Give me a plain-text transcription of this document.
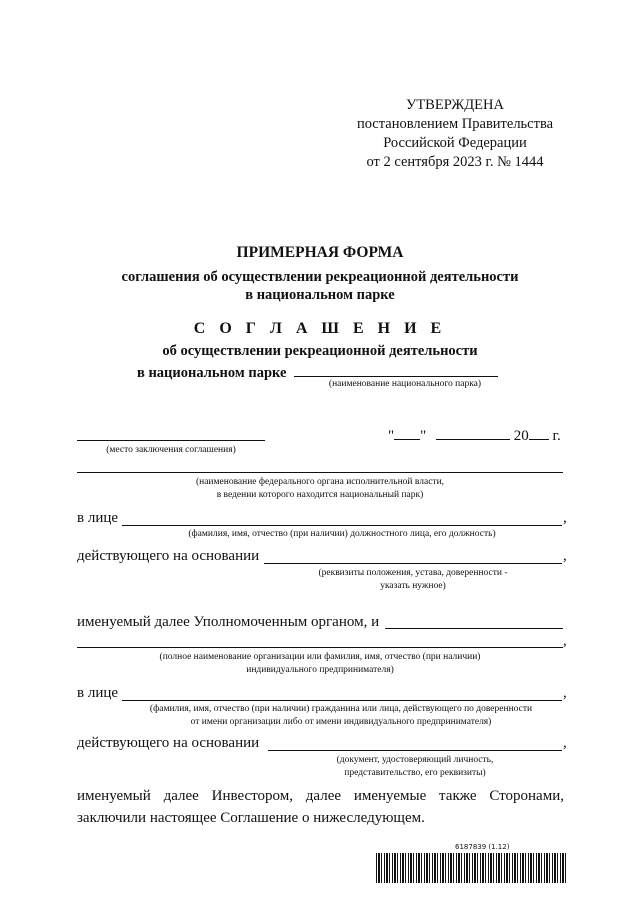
УТВЕРЖДЕНА
постановлением Правительства
Российской Федерации
от 2 сентября 2023 г. № 1444
ПРИМЕРНАЯ ФОРМА
соглашения об осуществлении рекреационной деятельности
в национальном парке
С О Г Л А Ш Е Н И Е
об осуществлении рекреационной деятельности
в национальном парке
(наименование национального парка)
(место заключения соглашения)
" "	20 г.
(наименование федерального органа исполнительной власти,
в ведении которого находится национальный парк)
в лице	,
(фамилия, имя, отчество (при наличии) должностного лица, его должность)
действующего на основании	,
(реквизиты положения, устава, доверенности -
указать нужное)
именуемый далее Уполномоченным органом, и
,
(полное наименование организации или фамилия, имя, отчество (при наличии)
индивидуального предпринимателя)
в лице	,
(фамилия, имя, отчество (при наличии) гражданина или лица, действующего по доверенности
от имени организации либо от имени индивидуального предпринимателя)
действующего на основании	,
(документ, удостоверяющий личность,
представительство, его реквизиты)
именуемый далее Инвестором, далее именуемые также Сторонами, заключили настоящее Соглашение о нижеследующем.
6187839 (1.12)
